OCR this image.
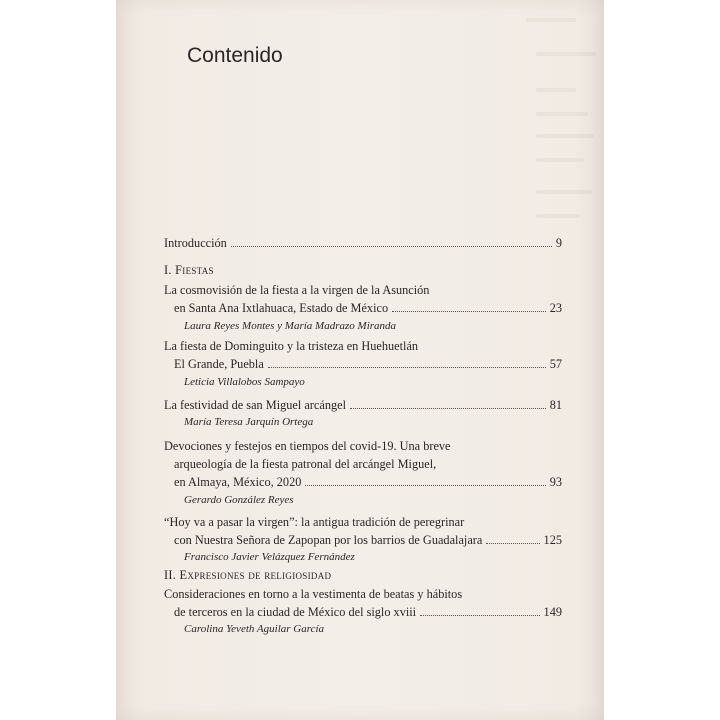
Contenido
Introducción	9
I. Fiestas
La cosmovisión de la fiesta a la virgen de la Asunción
en Santa Ana Ixtlahuaca, Estado de México	23
Laura Reyes Montes y María Madrazo Miranda
La fiesta de Dominguito y la tristeza en Huehuetlán
El Grande, Puebla	57
Leticia Villalobos Sampayo
La festividad de san Miguel arcángel	81
María Teresa Jarquín Ortega
Devociones y festejos en tiempos del covid-19. Una breve
arqueología de la fiesta patronal del arcángel Miguel,
en Almaya, México, 2020	93
Gerardo González Reyes
“Hoy va a pasar la virgen”: la antigua tradición de peregrinar
con Nuestra Señora de Zapopan por los barrios de Guadalajara	125
Francisco Javier Velázquez Fernández
II. Expresiones de religiosidad
Consideraciones en torno a la vestimenta de beatas y hábitos
de terceros en la ciudad de México del siglo xviii	149
Carolina Yeveth Aguilar García
